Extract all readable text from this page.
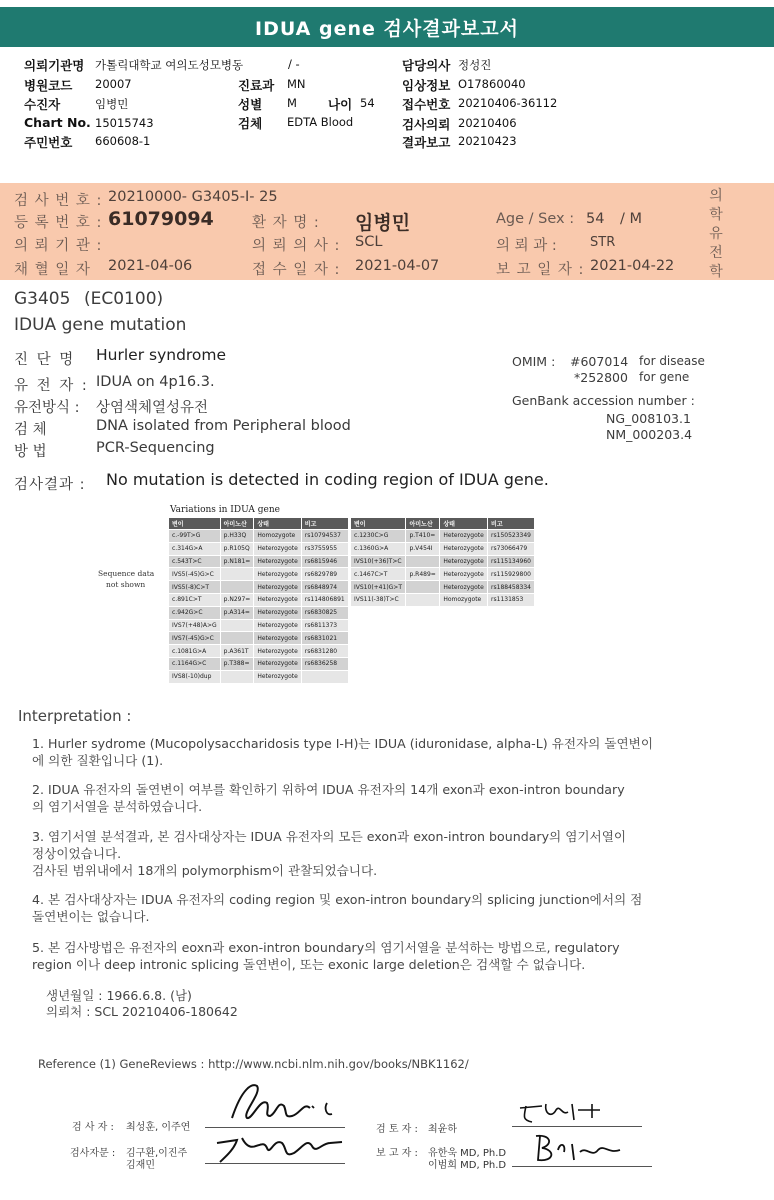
IDUA gene 검사결과보고서
의뢰기관명 가톨릭대학교 여의도성모병동	/ -	담당의사 정성진
병원코드 20007	진료과 MN	임상정보 O17860040
수진자	임병민	성별 M 나이 54 접수번호 20210406-36112
Chart No. 15015743	검체 EDTA Blood	검사의뢰 20210406
주민번호 660608-1	결과보고 20210423
검 사 번 호 : 20210000- G3405-I- 25
등 록 번 호 : 61079094	환 자 명 : 임병민	Age / Sex : 54 / M
의 뢰 기 관 :	의 뢰 의 사 : SCL	의 뢰 과 :	STR
채 혈 일 자 2021-04-06	접 수 일 자 : 2021-04-07	보 고 일 자 : 2021-04-22
의
학
유
전
학
G3405 (EC0100)
IDUA gene mutation
진 단 명 Hurler syndrome
유 전 자 : IDUA on 4p16.3.
유전방식 : 상염색체열성유전
검 체	DNA isolated from Peripheral blood
방 법	PCR-Sequencing
OMIM : #607014 for disease
*252800 for gene
GenBank accession number :
NG_008103.1
NM_000203.4
검사결과 : No mutation is detected in coding region of IDUA gene.
Variations in IDUA gene
Sequence data
not shown
변이	아미노산	상태	비고
c.-99T>G	p.H33Q	Homozygote	rs10794537
c.314G>A	p.R105Q	Heterozygote	rs3755955
c.543T>C	p.N181=	Heterozygote	rs6815946
IVS5(-45)G>C		Heterozygote	rs6829789
IVS5(-8)C>T		Heterozygote	rs6848974
c.891C>T	p.N297=	Heterozygote	rs114806891
c.942G>C	p.A314=	Heterozygote	rs6830825
IVS7(+48)A>G		Heterozygote	rs6811373
IVS7(-45)G>C		Heterozygote	rs6831021
c.1081G>A	p.A361T	Heterozygote	rs6831280
c.1164G>C	p.T388=	Heterozygote	rs6836258
IVS8(-10)dup		Heterozygote	
변이	아미노산	상태	비고
c.1230C>G	p.T410=	Heterozygote	rs150523349
c.1360G>A	p.V454I	Heterozygote	rs73066479
IVS10(+36)T>C		Heterozygote	rs115134960
c.1467C>T	p.R489=	Heterozygote	rs115929800
IVS10(+41)G>T		Heterozygote	rs188458334
IVS11(-38)T>C		Homozygote	rs1131853
Interpretation :
1. Hurler sydrome (Mucopolysaccharidosis type I-H)는 IDUA (iduronidase, alpha-L) 유전자의 돌연변이
에 의한 질환입니다 (1).
2. IDUA 유전자의 돌연변이 여부를 확인하기 위하여 IDUA 유전자의 14개 exon과 exon-intron boundary
의 염기서열을 분석하였습니다.
3. 염기서열 분석결과, 본 검사대상자는 IDUA 유전자의 모든 exon과 exon-intron boundary의 염기서열이
정상이었습니다.
검사된 범위내에서 18개의 polymorphism이 관찰되었습니다.
4. 본 검사대상자는 IDUA 유전자의 coding region 및 exon-intron boundary의 splicing junction에서의 점
돌연변이는 없습니다.
5. 본 검사방법은 유전자의 eoxn과 exon-intron boundary의 염기서열을 분석하는 방법으로, regulatory
region 이나 deep intronic splicing 돌연변이, 또는 exonic large deletion은 검색할 수 없습니다.
생년월일 : 1966.6.8. (남)
의뢰처 : SCL 20210406-180642
Reference (1) GeneReviews : http://www.ncbi.nlm.nih.gov/books/NBK1162/
검 사 자 : 최성훈, 이주연
검사자문 : 김구환,이진주
김재민
검 토 자 : 최윤하
보 고 자 : 유한욱 MD, Ph.D
이범희 MD, Ph.D
